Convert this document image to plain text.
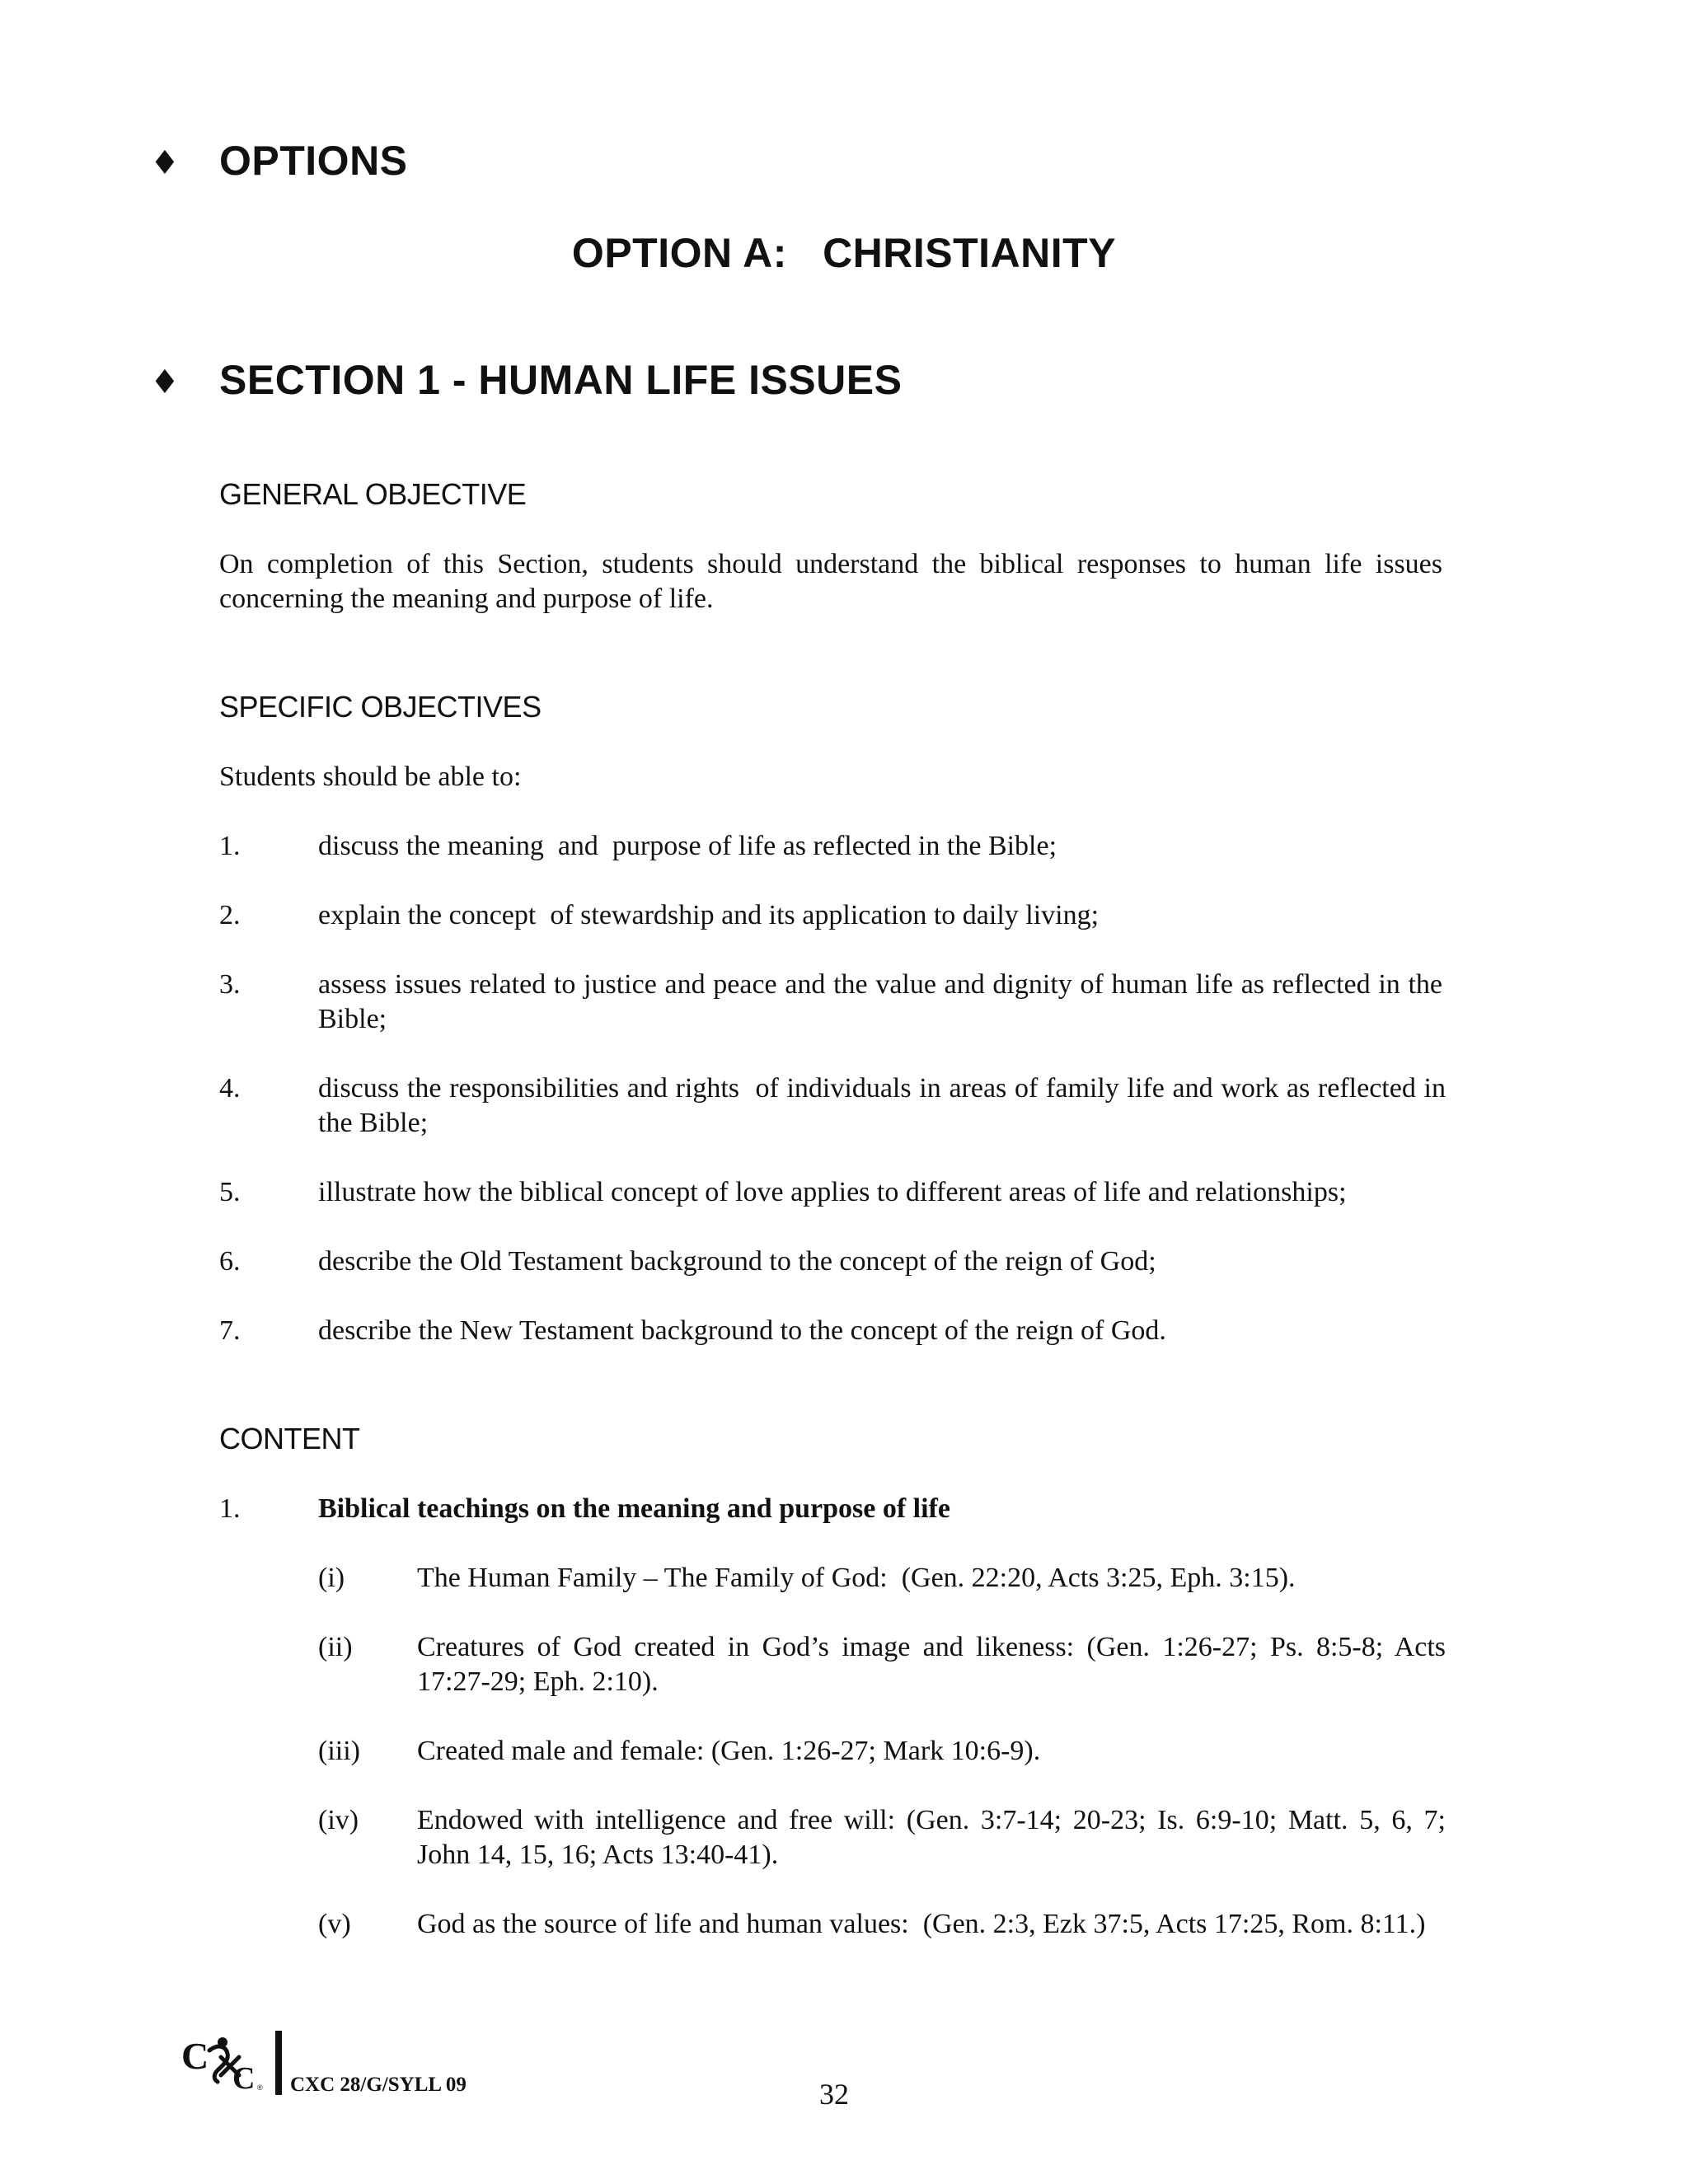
♦ OPTIONS
OPTION A:   CHRISTIANITY
♦ SECTION 1 - HUMAN LIFE ISSUES
GENERAL OBJECTIVE
On completion of this Section, students should understand the biblical responses to human life issues concerning the meaning and purpose of life.
SPECIFIC OBJECTIVES
Students should be able to:
1.	discuss the meaning  and  purpose of life as reflected in the Bible;
2.	explain the concept  of stewardship and its application to daily living;
3.	assess issues related to justice and peace and the value and dignity of human life as reflected in the Bible;
4.	discuss the responsibilities and rights  of individuals in areas of family life and work as reflected in the Bible;
5.	illustrate how the biblical concept of love applies to different areas of life and relationships;
6.	describe the Old Testament background to the concept of the reign of God;
7.	describe the New Testament background to the concept of the reign of God.
CONTENT
1.	Biblical teachings on the meaning and purpose of life
(i)	The Human Family – The Family of God:  (Gen. 22:20, Acts 3:25, Eph. 3:15).
(ii) Creatures of God created in God’s image and likeness: (Gen. 1:26-27; Ps. 8:5-8; Acts 17:27-29; Eph. 2:10).
(iii) Created male and female: (Gen. 1:26-27; Mark 10:6-9).
(iv) Endowed with intelligence and free will: (Gen. 3:7-14; 20-23; Is. 6:9-10; Matt. 5, 6, 7; John 14, 15, 16; Acts 13:40-41).
(v) God as the source of life and human values:  (Gen. 2:3, Ezk 37:5, Acts 17:25, Rom. 8:11.)
C
C ® CXC 28/G/SYLL 09	32
